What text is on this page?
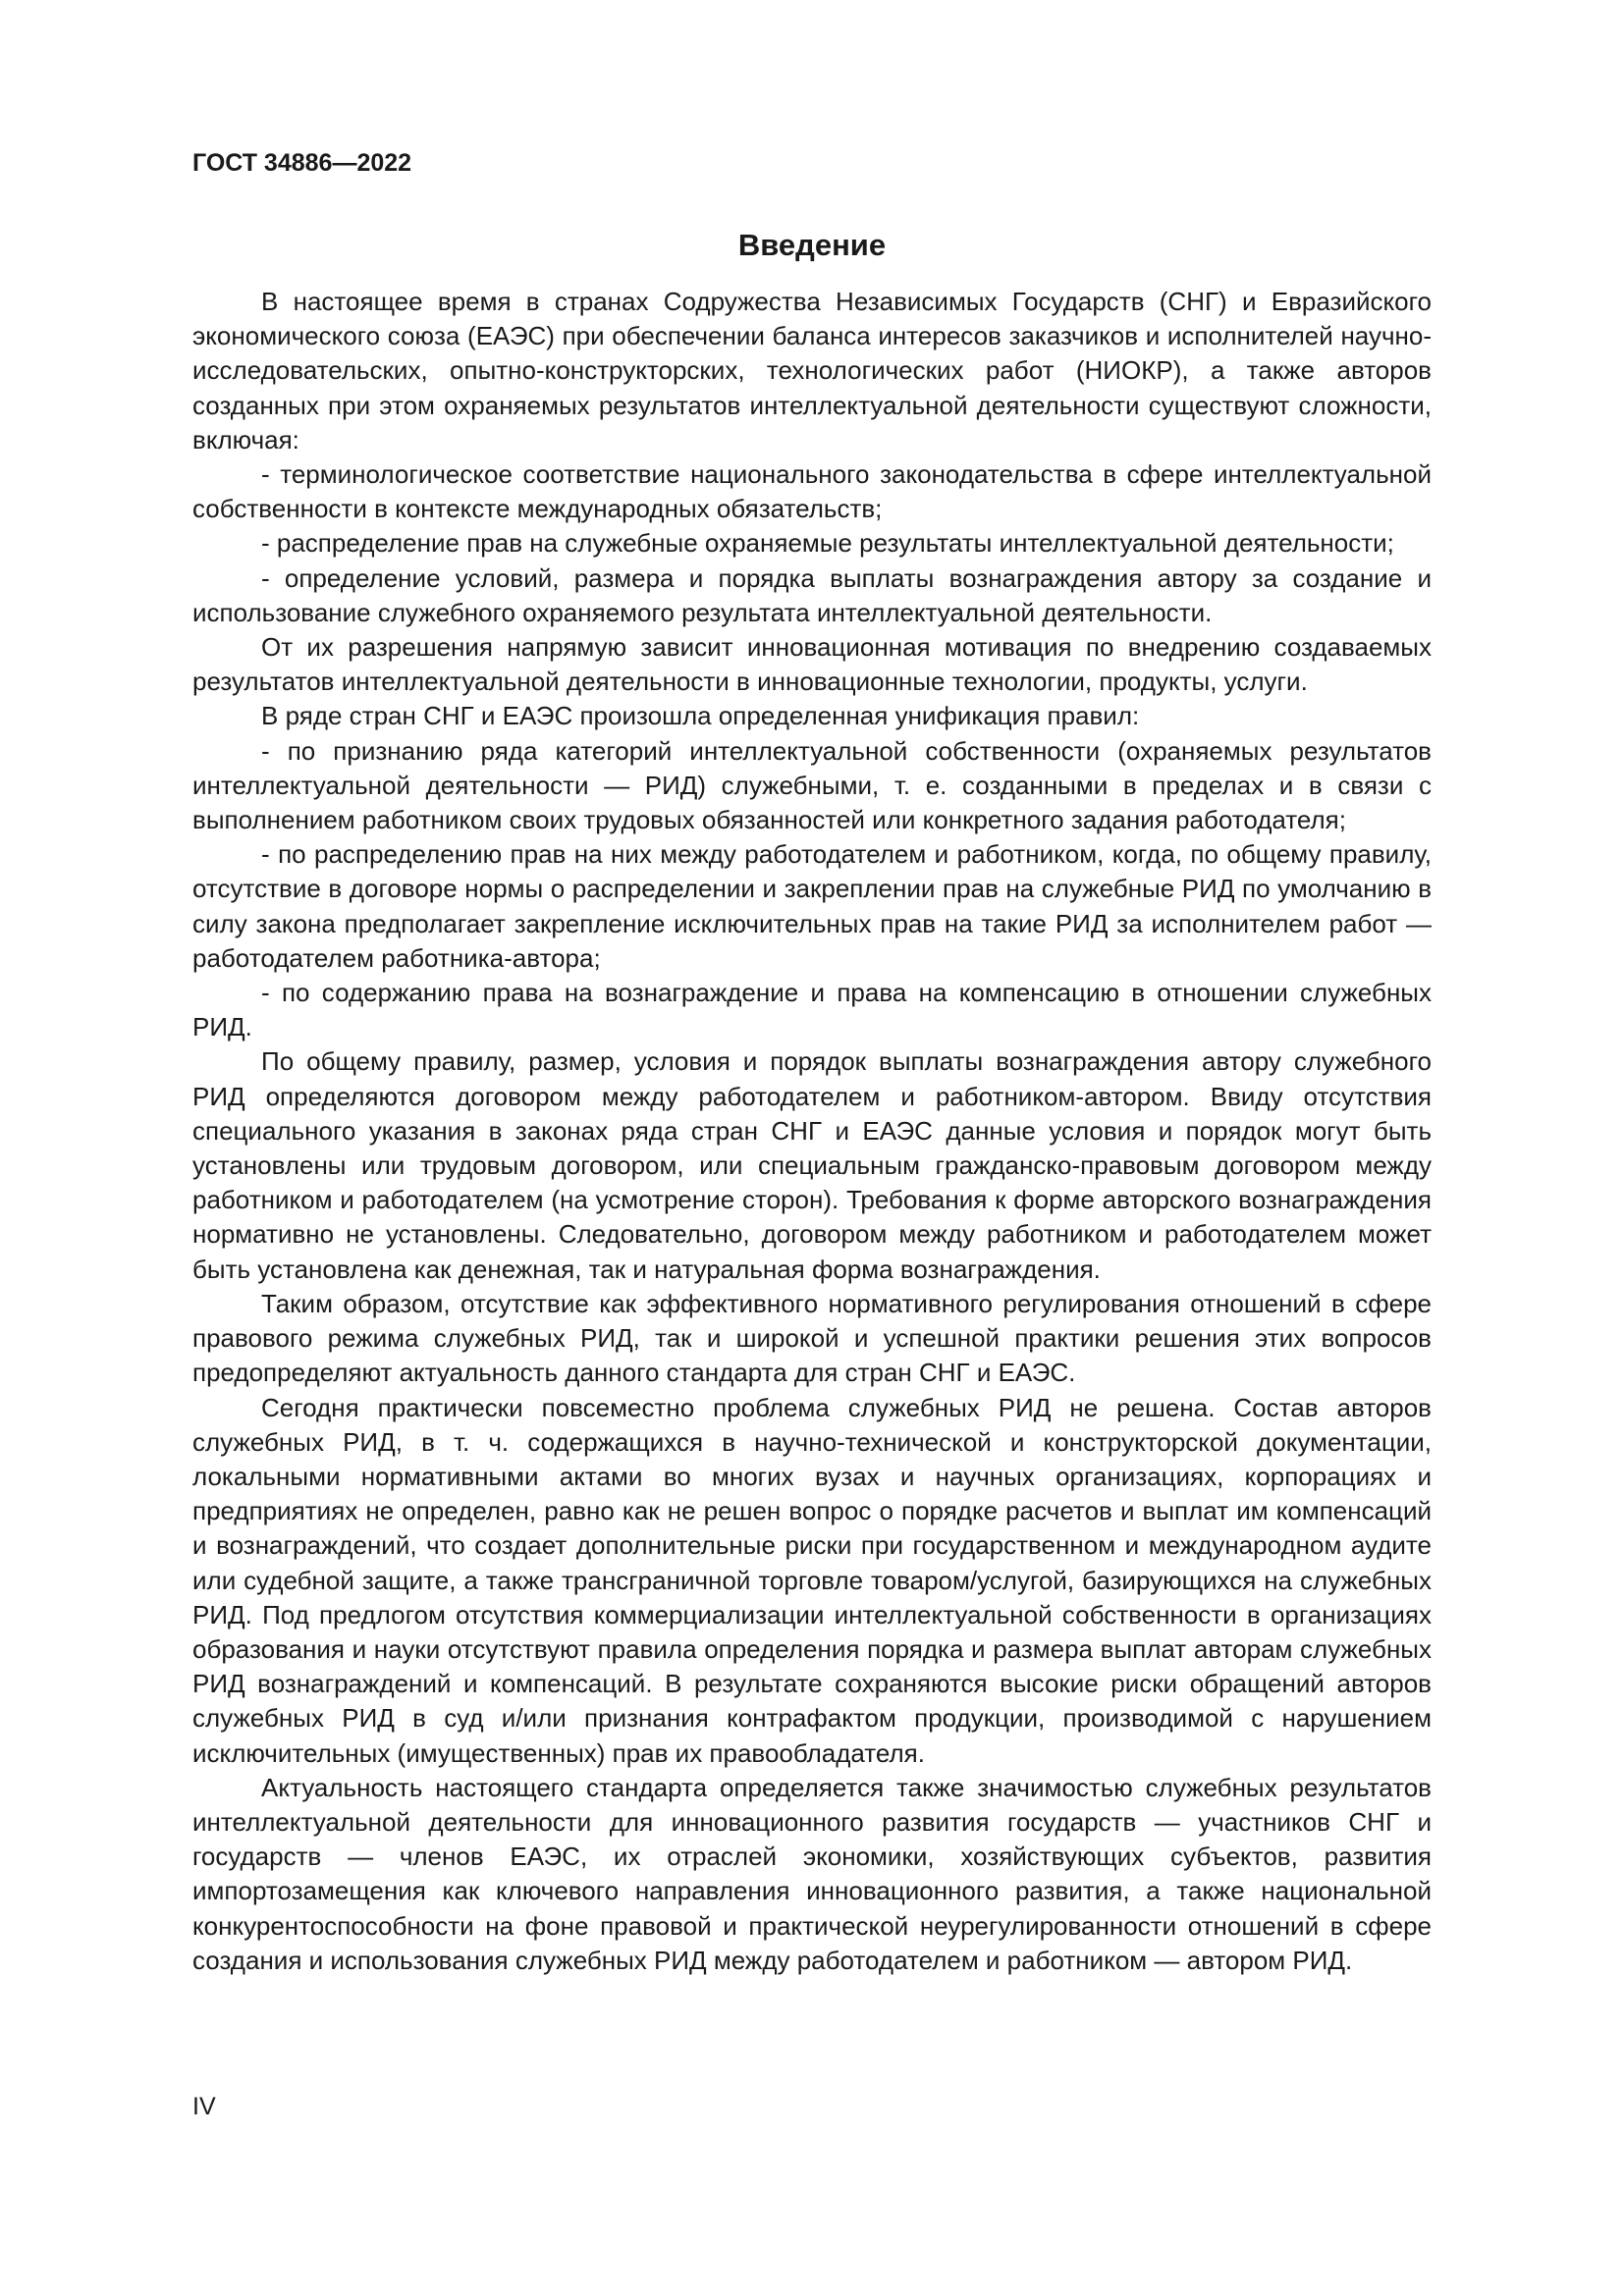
ГОСТ 34886—2022
Введение

В настоящее время в странах Содружества Независимых Государств (СНГ) и Евразийского экономического союза (ЕАЭС) при обеспечении баланса интересов заказчиков и исполнителей научно-исследовательских, опытно-конструкторских, технологических работ (НИОКР), а также авторов созданных при этом охраняемых результатов интеллектуальной деятельности существуют сложности, включая:

- терминологическое соответствие национального законодательства в сфере интеллектуальной собственности в контексте международных обязательств;

- распределение прав на служебные охраняемые результаты интеллектуальной деятельности;

- определение условий, размера и порядка выплаты вознаграждения автору за создание и использование служебного охраняемого результата интеллектуальной деятельности.

От их разрешения напрямую зависит инновационная мотивация по внедрению создаваемых результатов интеллектуальной деятельности в инновационные технологии, продукты, услуги.

В ряде стран СНГ и ЕАЭС произошла определенная унификация правил:

- по признанию ряда категорий интеллектуальной собственности (охраняемых результатов интеллектуальной деятельности — РИД) служебными, т. е. созданными в пределах и в связи с выполнением работником своих трудовых обязанностей или конкретного задания работодателя;

- по распределению прав на них между работодателем и работником, когда, по общему правилу, отсутствие в договоре нормы о распределении и закреплении прав на служебные РИД по умолчанию в силу закона предполагает закрепление исключительных прав на такие РИД за исполнителем работ — работодателем работника-автора;

- по содержанию права на вознаграждение и права на компенсацию в отношении служебных РИД.

По общему правилу, размер, условия и порядок выплаты вознаграждения автору служебного РИД определяются договором между работодателем и работником-автором. Ввиду отсутствия специального указания в законах ряда стран СНГ и ЕАЭС данные условия и порядок могут быть установлены или трудовым договором, или специальным гражданско-правовым договором между работником и работодателем (на усмотрение сторон). Требования к форме авторского вознаграждения нормативно не установлены. Следовательно, договором между работником и работодателем может быть установлена как денежная, так и натуральная форма вознаграждения.

Таким образом, отсутствие как эффективного нормативного регулирования отношений в сфере правового режима служебных РИД, так и широкой и успешной практики решения этих вопросов предопределяют актуальность данного стандарта для стран СНГ и ЕАЭС.

Сегодня практически повсеместно проблема служебных РИД не решена. Состав авторов служебных РИД, в т. ч. содержащихся в научно-технической и конструкторской документации, локальными нормативными актами во многих вузах и научных организациях, корпорациях и предприятиях не определен, равно как не решен вопрос о порядке расчетов и выплат им компенсаций и вознаграждений, что создает дополнительные риски при государственном и международном аудите или судебной защите, а также трансграничной торговле товаром/услугой, базирующихся на служебных РИД. Под предлогом отсутствия коммерциализации интеллектуальной собственности в организациях образования и науки отсутствуют правила определения порядка и размера выплат авторам служебных РИД вознаграждений и компенсаций. В результате сохраняются высокие риски обращений авторов служебных РИД в суд и/или признания контрафактом продукции, производимой с нарушением исключительных (имущественных) прав их правообладателя.

Актуальность настоящего стандарта определяется также значимостью служебных результатов интеллектуальной деятельности для инновационного развития государств — участников СНГ и государств — членов ЕАЭС, их отраслей экономики, хозяйствующих субъектов, развития импортозамещения как ключевого направления инновационного развития, а также национальной конкурентоспособности на фоне правовой и практической неурегулированности отношений в сфере создания и использования служебных РИД между работодателем и работником — автором РИД.

IV
